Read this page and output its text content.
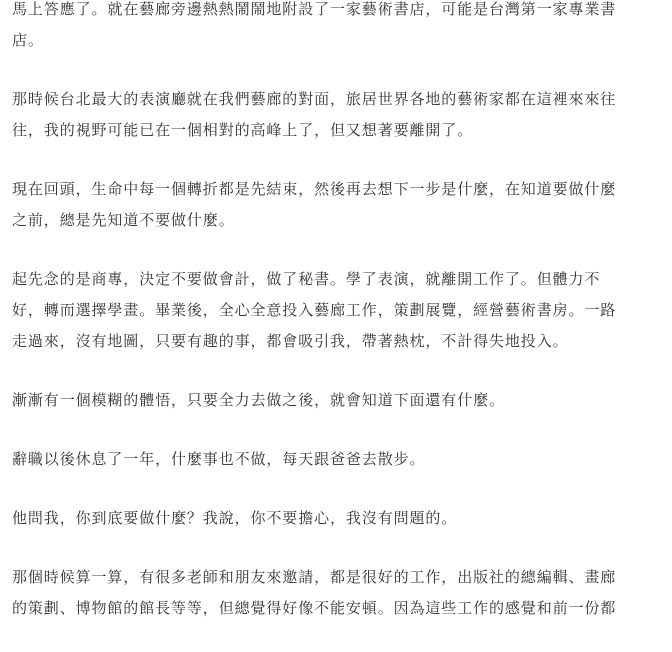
馬上答應了。就在藝廊旁邊熱熱鬧鬧地附設了一家藝術書店，可能是台灣第一家專業書
店。
那時候台北最大的表演廳就在我們藝廊的對面，旅居世界各地的藝術家都在這裡來來往
往，我的視野可能已在一個相對的高峰上了，但又想著要離開了。
現在回頭，生命中每一個轉折都是先結束，然後再去想下一步是什麼，在知道要做什麼
之前，總是先知道不要做什麼。
起先念的是商專，決定不要做會計，做了秘書。學了表演，就離開工作了。但體力不
好，轉而選擇學畫。畢業後，全心全意投入藝廊工作，策劃展覽，經營藝術書房。一路
走過來，沒有地圖，只要有趣的事，都會吸引我，帶著熱枕，不計得失地投入。
漸漸有一個模糊的體悟，只要全力去做之後，就會知道下面還有什麼。
辭職以後休息了一年，什麼事也不做，每天跟爸爸去散步。
他問我，你到底要做什麼？我說，你不要擔心，我沒有問題的。
那個時候算一算，有很多老師和朋友來邀請，都是很好的工作，出版社的總編輯、畫廊
的策劃、博物館的館長等等，但總覺得好像不能安頓。因為這些工作的感覺和前一份都
